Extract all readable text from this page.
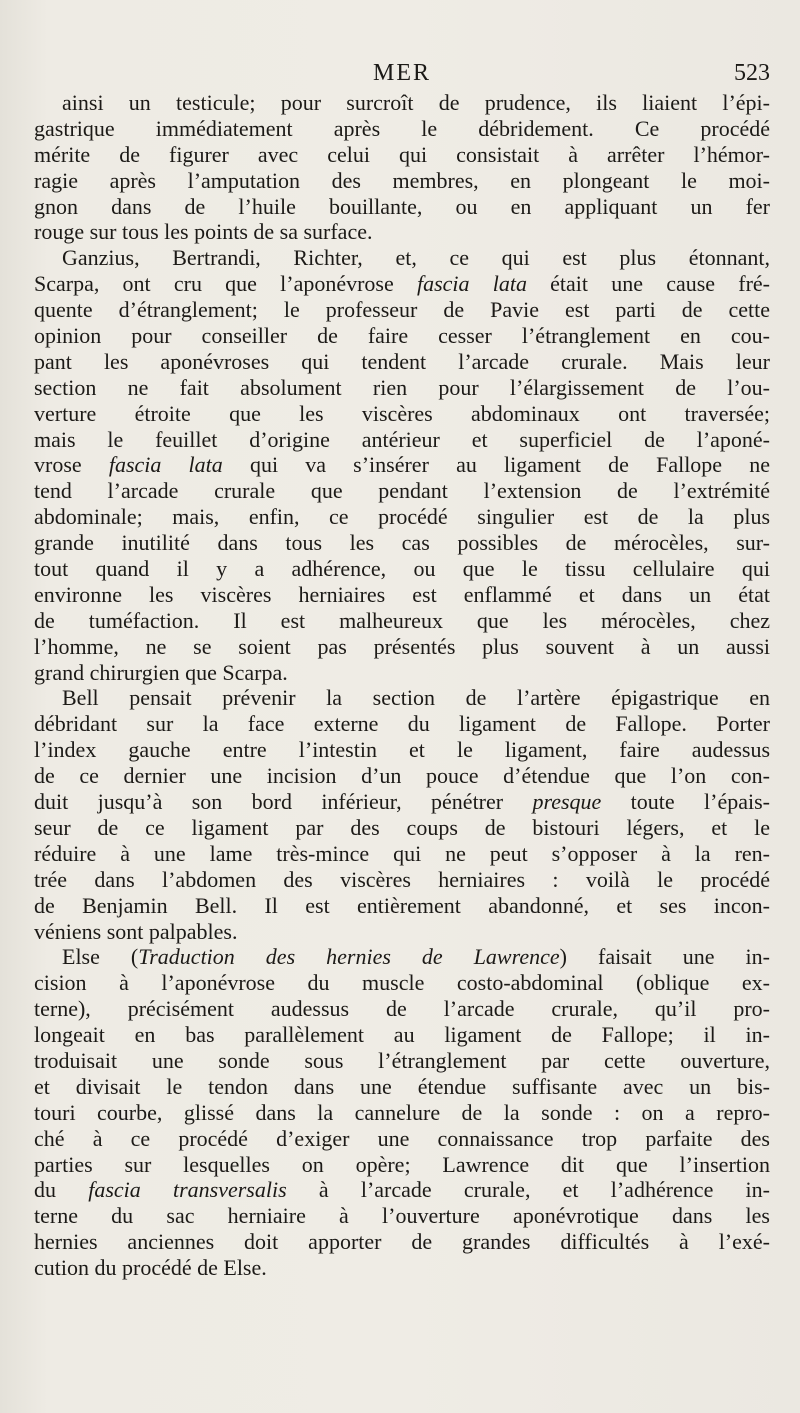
MER	523
ainsi un testicule; pour surcroît de prudence, ils liaient l’épi-
gastrique immédiatement après le débridement. Ce procédé
mérite de figurer avec celui qui consistait à arrêter l’hémor-
ragie après l’amputation des membres, en plongeant le moi-
gnon dans de l’huile bouillante, ou en appliquant un fer
rouge sur tous les points de sa surface.
Ganzius, Bertrandi, Richter, et, ce qui est plus étonnant,
Scarpa, ont cru que l’aponévrose fascia lata était une cause fré-
quente d’étranglement; le professeur de Pavie est parti de cette
opinion pour conseiller de faire cesser l’étranglement en cou-
pant les aponévroses qui tendent l’arcade crurale. Mais leur
section ne fait absolument rien pour l’élargissement de l’ou-
verture étroite que les viscères abdominaux ont traversée;
mais le feuillet d’origine antérieur et superficiel de l’aponé-
vrose fascia lata qui va s’insérer au ligament de Fallope ne
tend l’arcade crurale que pendant l’extension de l’extrémité
abdominale; mais, enfin, ce procédé singulier est de la plus
grande inutilité dans tous les cas possibles de mérocèles, sur-
tout quand il y a adhérence, ou que le tissu cellulaire qui
environne les viscères herniaires est enflammé et dans un état
de tuméfaction. Il est malheureux que les mérocèles, chez
l’homme, ne se soient pas présentés plus souvent à un aussi
grand chirurgien que Scarpa.
Bell pensait prévenir la section de l’artère épigastrique en
débridant sur la face externe du ligament de Fallope. Porter
l’index gauche entre l’intestin et le ligament, faire audessus
de ce dernier une incision d’un pouce d’étendue que l’on con-
duit jusqu’à son bord inférieur, pénétrer presque toute l’épais-
seur de ce ligament par des coups de bistouri légers, et le
réduire à une lame très-mince qui ne peut s’opposer à la ren-
trée dans l’abdomen des viscères herniaires : voilà le procédé
de Benjamin Bell. Il est entièrement abandonné, et ses incon-
véniens sont palpables.
Else (Traduction des hernies de Lawrence) faisait une in-
cision à l’aponévrose du muscle costo-abdominal (oblique ex-
terne), précisément audessus de l’arcade crurale, qu’il pro-
longeait en bas parallèlement au ligament de Fallope; il in-
troduisait une sonde sous l’étranglement par cette ouverture,
et divisait le tendon dans une étendue suffisante avec un bis-
touri courbe, glissé dans la cannelure de la sonde : on a repro-
ché à ce procédé d’exiger une connaissance trop parfaite des
parties sur lesquelles on opère; Lawrence dit que l’insertion
du fascia transversalis à l’arcade crurale, et l’adhérence in-
terne du sac herniaire à l’ouverture aponévrotique dans les
hernies anciennes doit apporter de grandes difficultés à l’exé-
cution du procédé de Else.
